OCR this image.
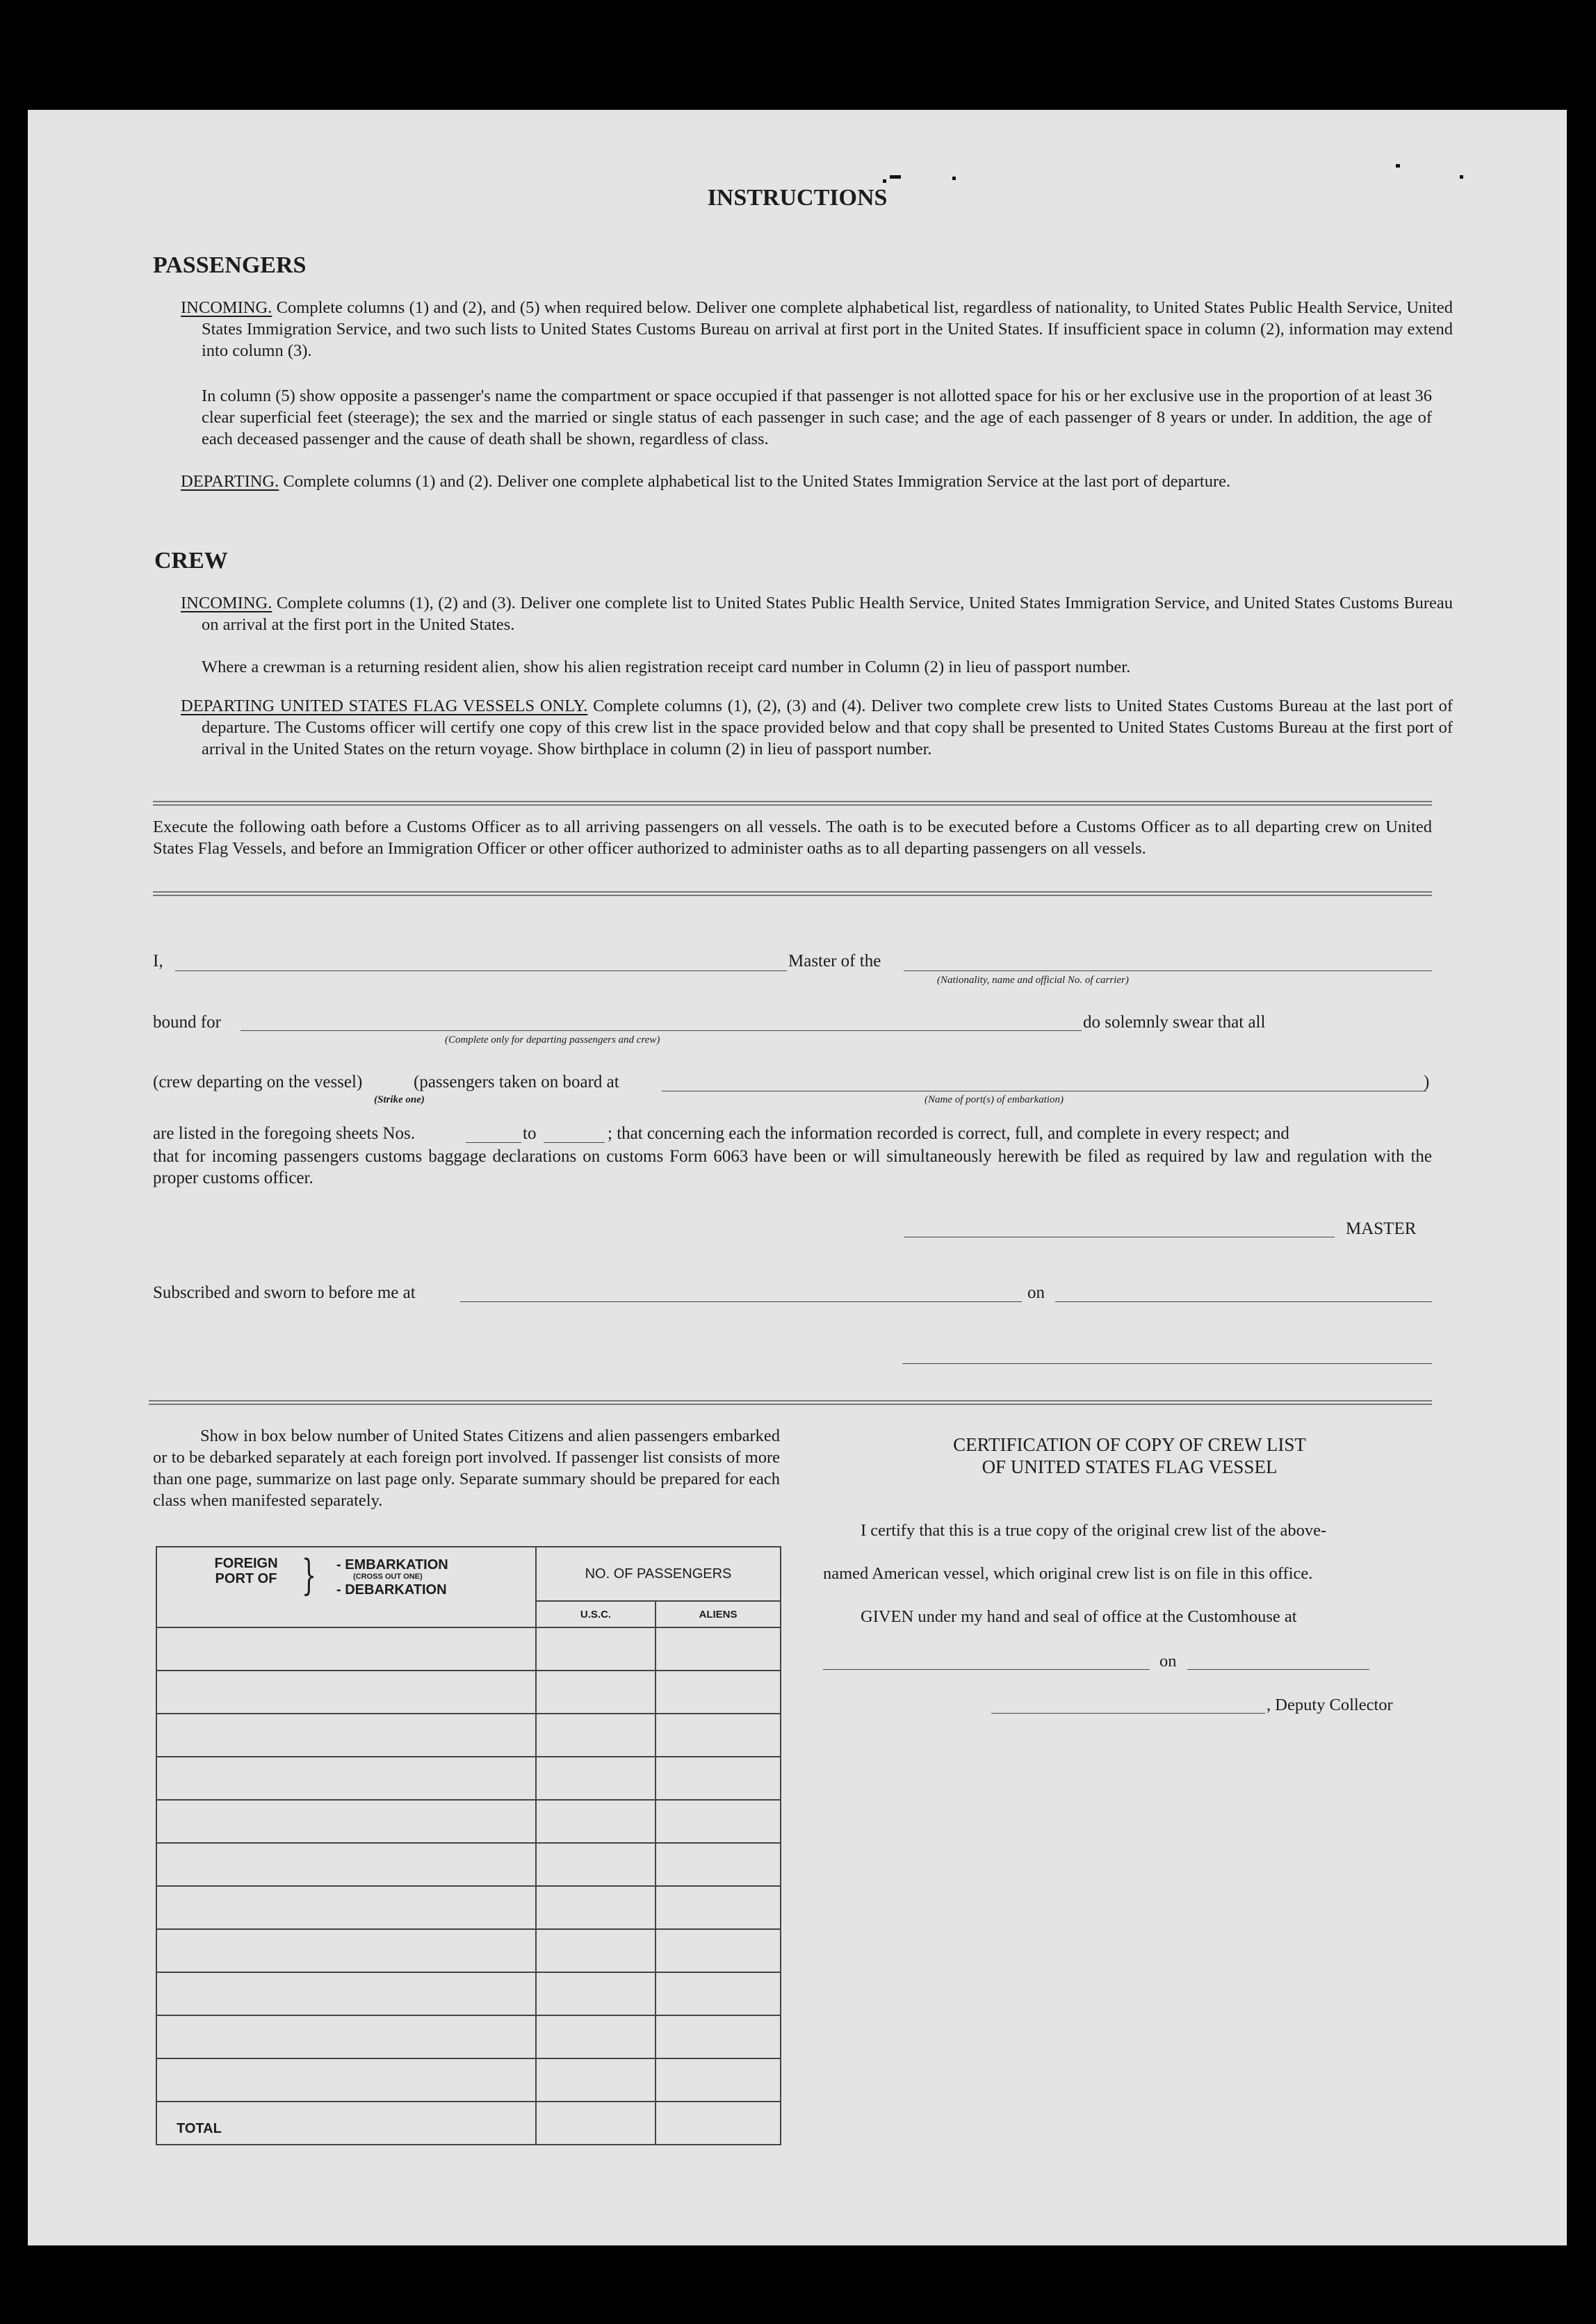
INSTRUCTIONS
PASSENGERS

INCOMING. Complete columns (1) and (2), and (5) when required below. Deliver one complete alphabetical list, regardless of nationality, to United States Public Health Service, United States Immigration Service, and two such lists to United States Customs Bureau on arrival at first port in the United States. If insufficient space in column (2), information may extend into column (3).

In column (5) show opposite a passenger's name the compartment or space occupied if that passenger is not allotted space for his or her exclusive use in the proportion of at least 36 clear superficial feet (steerage); the sex and the married or single status of each passenger in such case; and the age of each passenger of 8 years or under. In addition, the age of each deceased passenger and the cause of death shall be shown, regardless of class.

DEPARTING. Complete columns (1) and (2). Deliver one complete alphabetical list to the United States Immigration Service at the last port of departure.

CREW

INCOMING. Complete columns (1), (2) and (3). Deliver one complete list to United States Public Health Service, United States Immigration Service, and United States Customs Bureau on arrival at the first port in the United States.

Where a crewman is a returning resident alien, show his alien registration receipt card number in Column (2) in lieu of passport number.

DEPARTING UNITED STATES FLAG VESSELS ONLY. Complete columns (1), (2), (3) and (4). Deliver two complete crew lists to United States Customs Bureau at the last port of departure. The Customs officer will certify one copy of this crew list in the space provided below and that copy shall be presented to United States Customs Bureau at the first port of arrival in the United States on the return voyage. Show birthplace in column (2) in lieu of passport number.

Execute the following oath before a Customs Officer as to all arriving passengers on all vessels. The oath is to be executed before a Customs Officer as to all departing crew on United States Flag Vessels, and before an Immigration Officer or other officer authorized to administer oaths as to all departing passengers on all vessels.

I,	Master of the
(Nationality, name and official No. of carrier)
bound for
(Complete only for departing passengers and crew)
do solemnly swear that all
(crew departing on the vessel)	(passengers taken on board at	)
(Strike one)	(Name of port(s) of embarkation)
are listed in the foregoing sheets Nos.	to	; that concerning each the information recorded is correct, full, and complete in every respect; and

that for incoming passengers customs baggage declarations on customs Form 6063 have been or will simultaneously herewith be filed as required by law and regulation with the proper customs officer.

MASTER
Subscribed and sworn to before me at	on

Show in box below number of United States Citizens and alien passengers embarked or to be debarked separately at each foreign port involved. If passenger list consists of more than one page, summarize on last page only. Separate summary should be prepared for each class when manifested separately.

FOREIGN PORT OF } - EMBARKATION
(CROSS OUT ONE)
- DEBARKATION	NO. OF PASSENGERS	
	U.S.C.	ALIENS

TOTAL		
CERTIFICATION OF COPY OF CREW LIST
OF UNITED STATES FLAG VESSEL
I certify that this is a true copy of the original crew list of the above-
named American vessel, which original crew list is on file in this office.
GIVEN under my hand and seal of office at the Customhouse at
on
, Deputy Collector
